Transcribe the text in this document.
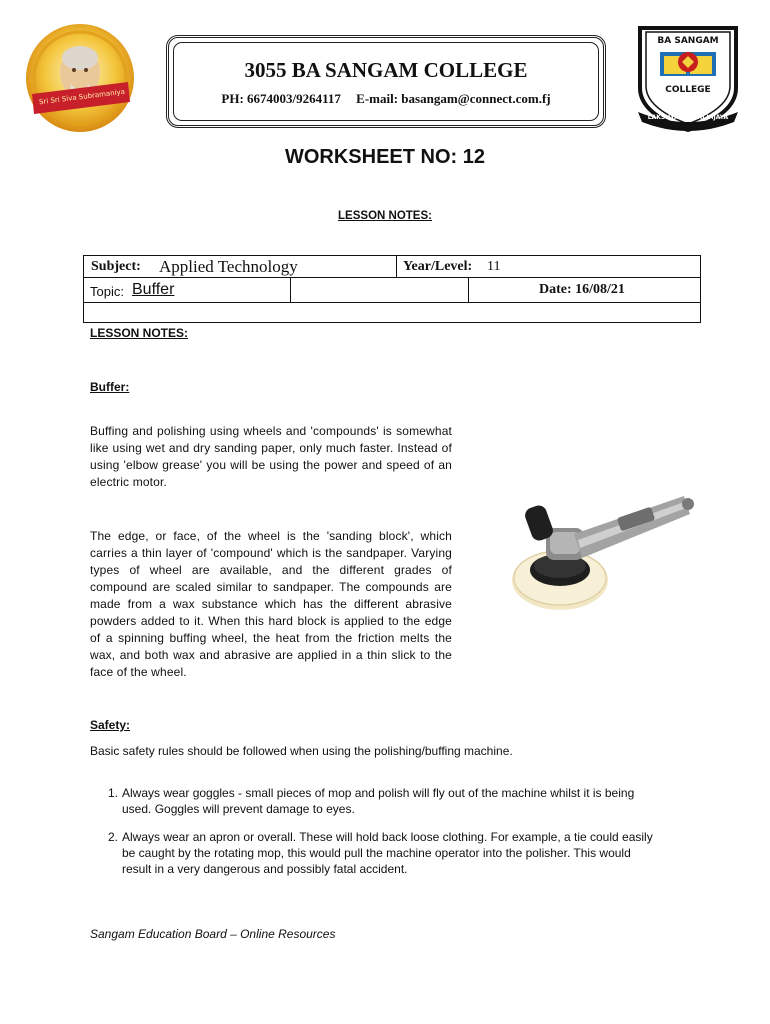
Sri Sri Siva Subramaniya
3055 BA SANGAM COLLEGE
PH: 6674003/9264117 E-mail: basangam@connect.com.fj
BA SANGAM
COLLEGE
LAKSHYA SIDDHI VIJAYA
WORKSHEET NO: 12
LESSON NOTES:
Subject: Applied Technology	Year/Level: 11
Topic: Buffer	Date: 16/08/21
LESSON NOTES:
Buffer:
Buffing and polishing using wheels and 'compounds' is somewhat like using wet and dry sanding paper, only much faster. Instead of using 'elbow grease' you will be using the power and speed of an electric motor.
The edge, or face, of the wheel is the 'sanding block', which carries a thin layer of 'compound' which is the sandpaper. Varying types of wheel are available, and the different grades of compound are scaled similar to sandpaper. The compounds are made from a wax substance which has the different abrasive powders added to it. When this hard block is applied to the edge of a spinning buffing wheel, the heat from the friction melts the wax, and both wax and abrasive are applied in a thin slick to the face of the wheel.
Safety:
Basic safety rules should be followed when using the polishing/buffing machine.
1. Always wear goggles - small pieces of mop and polish will fly out of the machine whilst it is being used. Goggles will prevent damage to eyes.
2. Always wear an apron or overall. These will hold back loose clothing. For example, a tie could easily be caught by the rotating mop, this would pull the machine operator into the polisher. This would result in a very dangerous and possibly fatal accident.
Sangam Education Board – Online Resources
